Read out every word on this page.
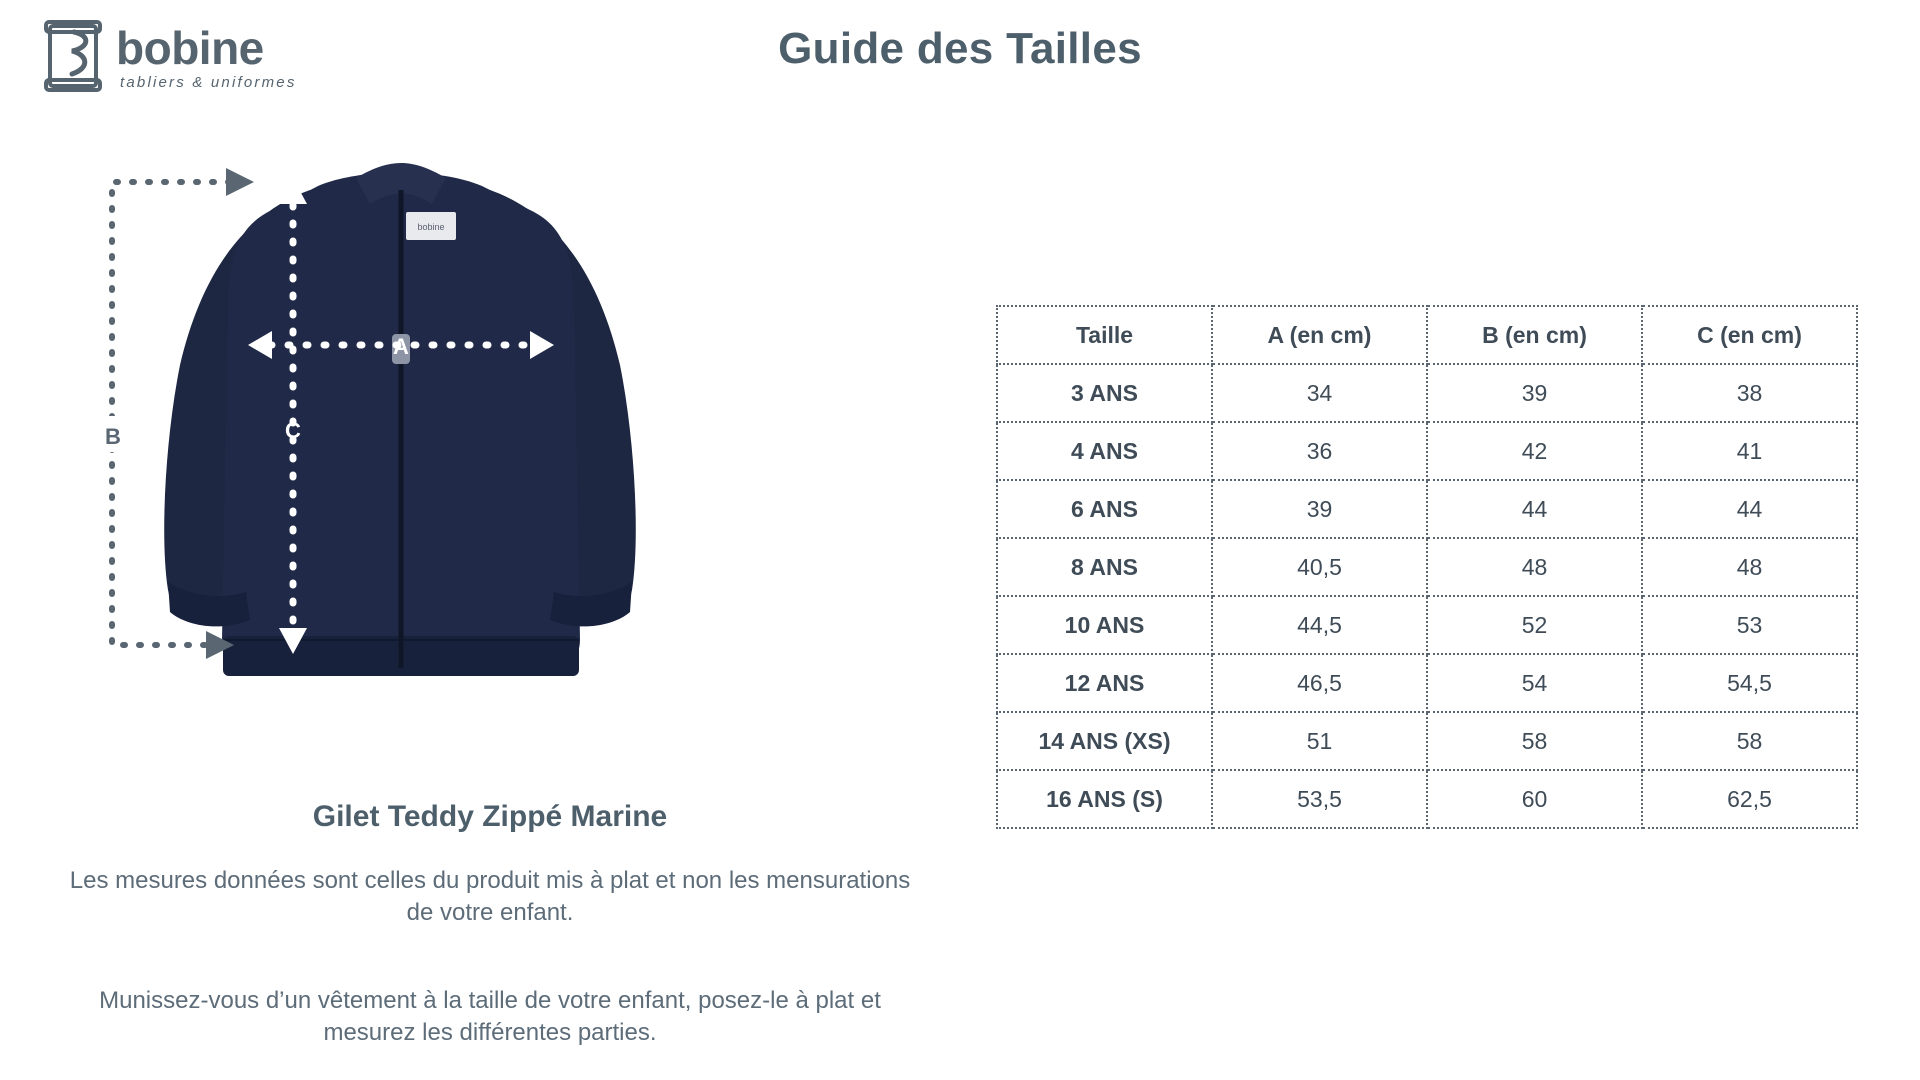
bobine
tabliers & uniformes
Guide des Tailles
bobine
A
C
B
Gilet Teddy Zippé Marine
Les mesures données sont celles du produit mis à plat et non les mensurations de votre enfant.
Munissez-vous d’un vêtement à la taille de votre enfant, posez-le à plat et mesurez les différentes parties.
Taille	A (en cm)	B (en cm)	C (en cm)
3 ANS	34	39	38
4 ANS	36	42	41
6 ANS	39	44	44
8 ANS	40,5	48	48
10 ANS	44,5	52	53
12 ANS	46,5	54	54,5
14 ANS (XS)	51	58	58
16 ANS (S)	53,5	60	62,5
